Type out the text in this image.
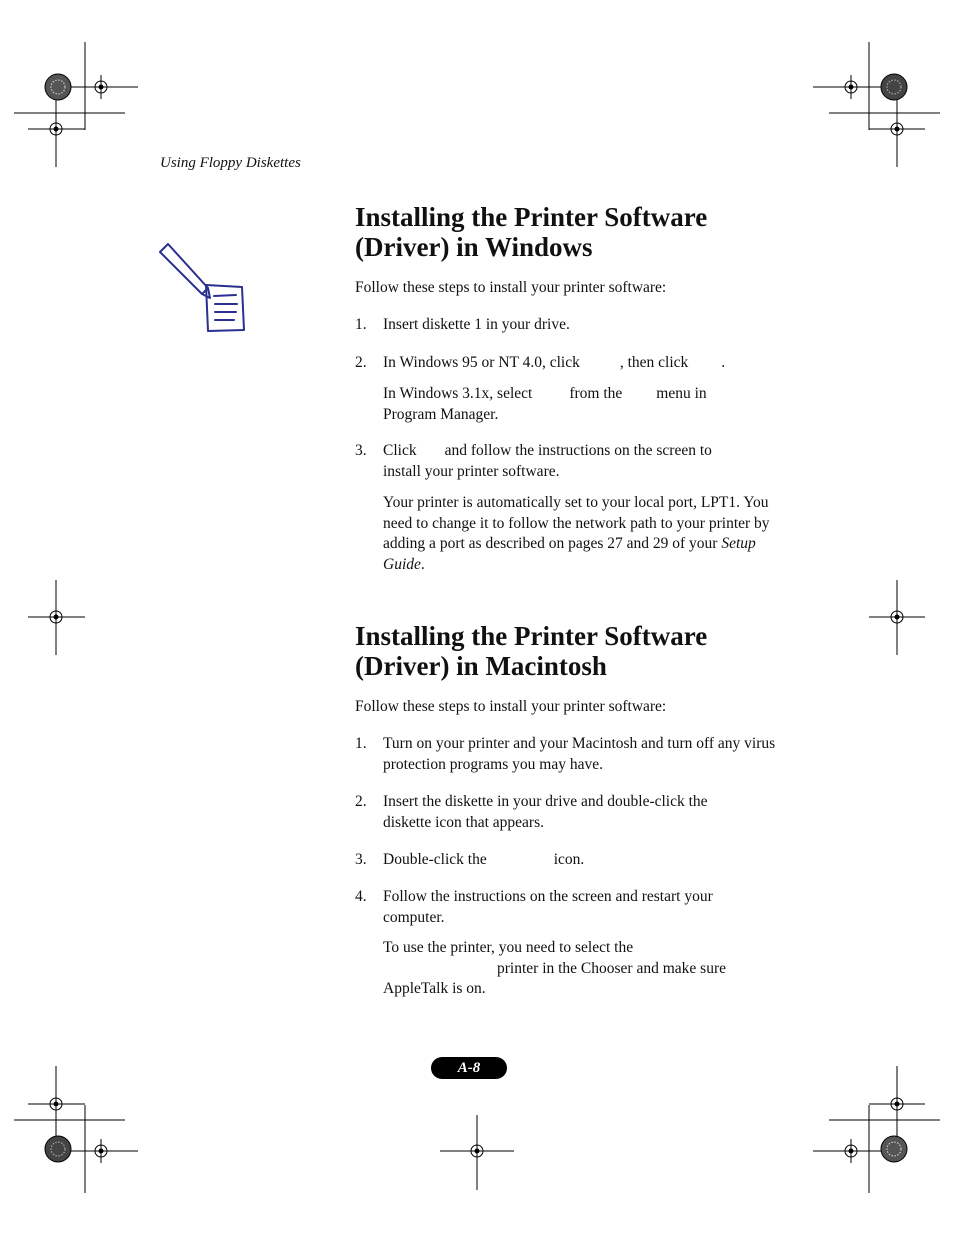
Using Floppy Diskettes
Installing the Printer Software
(Driver) in Windows
Follow these steps to install your printer software:
1.	Insert diskette 1 in your drive.
2.	In Windows 95 or NT 4.0, click	, then click .
In Windows 3.1x, select from the menu in
Program Manager.
3.	Click and follow the instructions on the screen to
install your printer software.
Your printer is automatically set to your local port, LPT1. You need to change it to follow the network path to your printer by adding a port as described on pages 27 and 29 of your Setup Guide.
Installing the Printer Software
(Driver) in Macintosh
Follow these steps to install your printer software:
1.	Turn on your printer and your Macintosh and turn off any virus protection programs you may have.
2.	Insert the diskette in your drive and double-click the diskette icon that appears.
3.	Double-click the	icon.
4.	Follow the instructions on the screen and restart your computer.
To use the printer, you need to select the
printer in the Chooser and make sure
AppleTalk is on.
A-8
